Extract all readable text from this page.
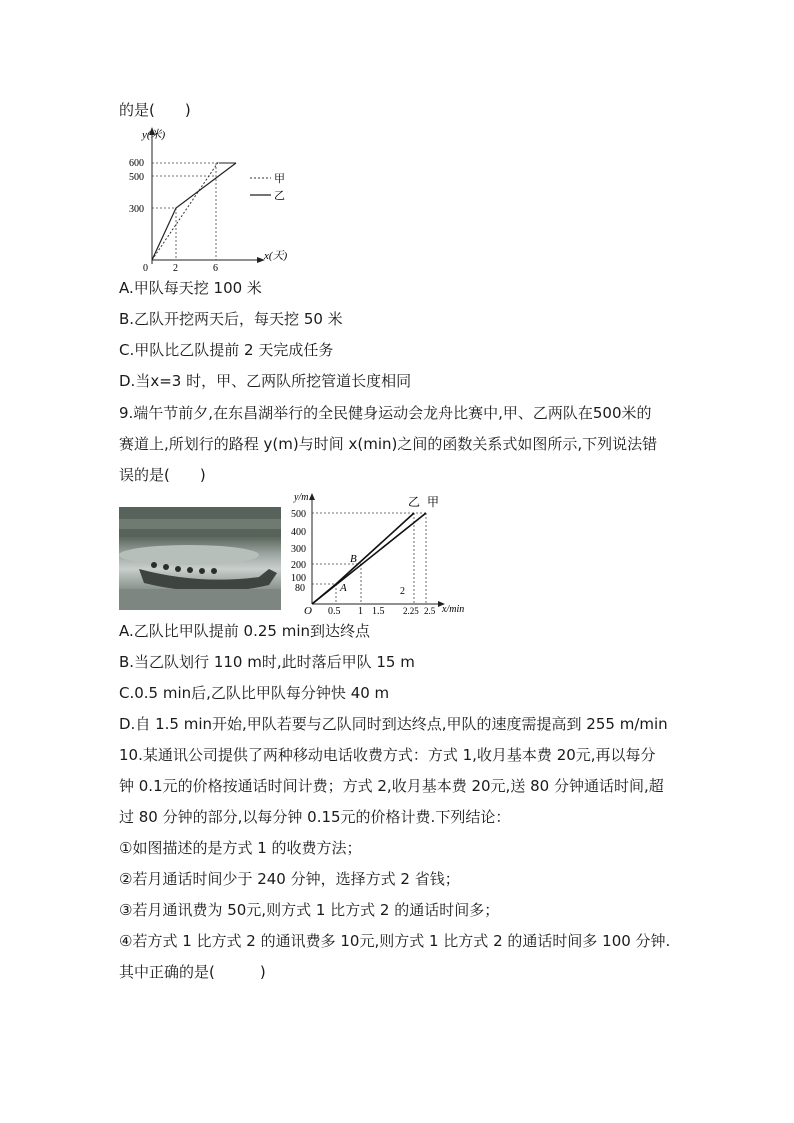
的是(　　)
甲
乙
y(米)
x(天)
0
600
500
300
2	6
A.甲队每天挖 100 米
B.乙队开挖两天后，每天挖 50 米
C.甲队比乙队提前 2 天完成任务
D.当x=3 时，甲、乙两队所挖管道长度相同
9.端午节前夕,在东昌湖举行的全民健身运动会龙舟比赛中,甲、乙两队在500米的
赛道上,所划行的路程 y(m)与时间 x(min)之间的函数关系式如图所示,下列说法错
误的是(　　)
y/m
x/min
O
500
400
300
200
100
80
0.5 1 1.5
2
2.25 2.5
A
B
乙 甲
A.乙队比甲队提前 0.25 min到达终点
B.当乙队划行 110 m时,此时落后甲队 15 m
C.0.5 min后,乙队比甲队每分钟快 40 m
D.自 1.5 min开始,甲队若要与乙队同时到达终点,甲队的速度需提高到 255 m/min
10.某通讯公司提供了两种移动电话收费方式：方式 1,收月基本费 20元,再以每分
钟 0.1元的价格按通话时间计费；方式 2,收月基本费 20元,送 80 分钟通话时间,超
过 80 分钟的部分,以每分钟 0.15元的价格计费.下列结论：
①如图描述的是方式 1 的收费方法；
②若月通话时间少于 240 分钟，选择方式 2 省钱；
③若月通讯费为 50元,则方式 1 比方式 2 的通话时间多；
④若方式 1 比方式 2 的通讯费多 10元,则方式 1 比方式 2 的通话时间多 100 分钟.
其中正确的是(　　　)
